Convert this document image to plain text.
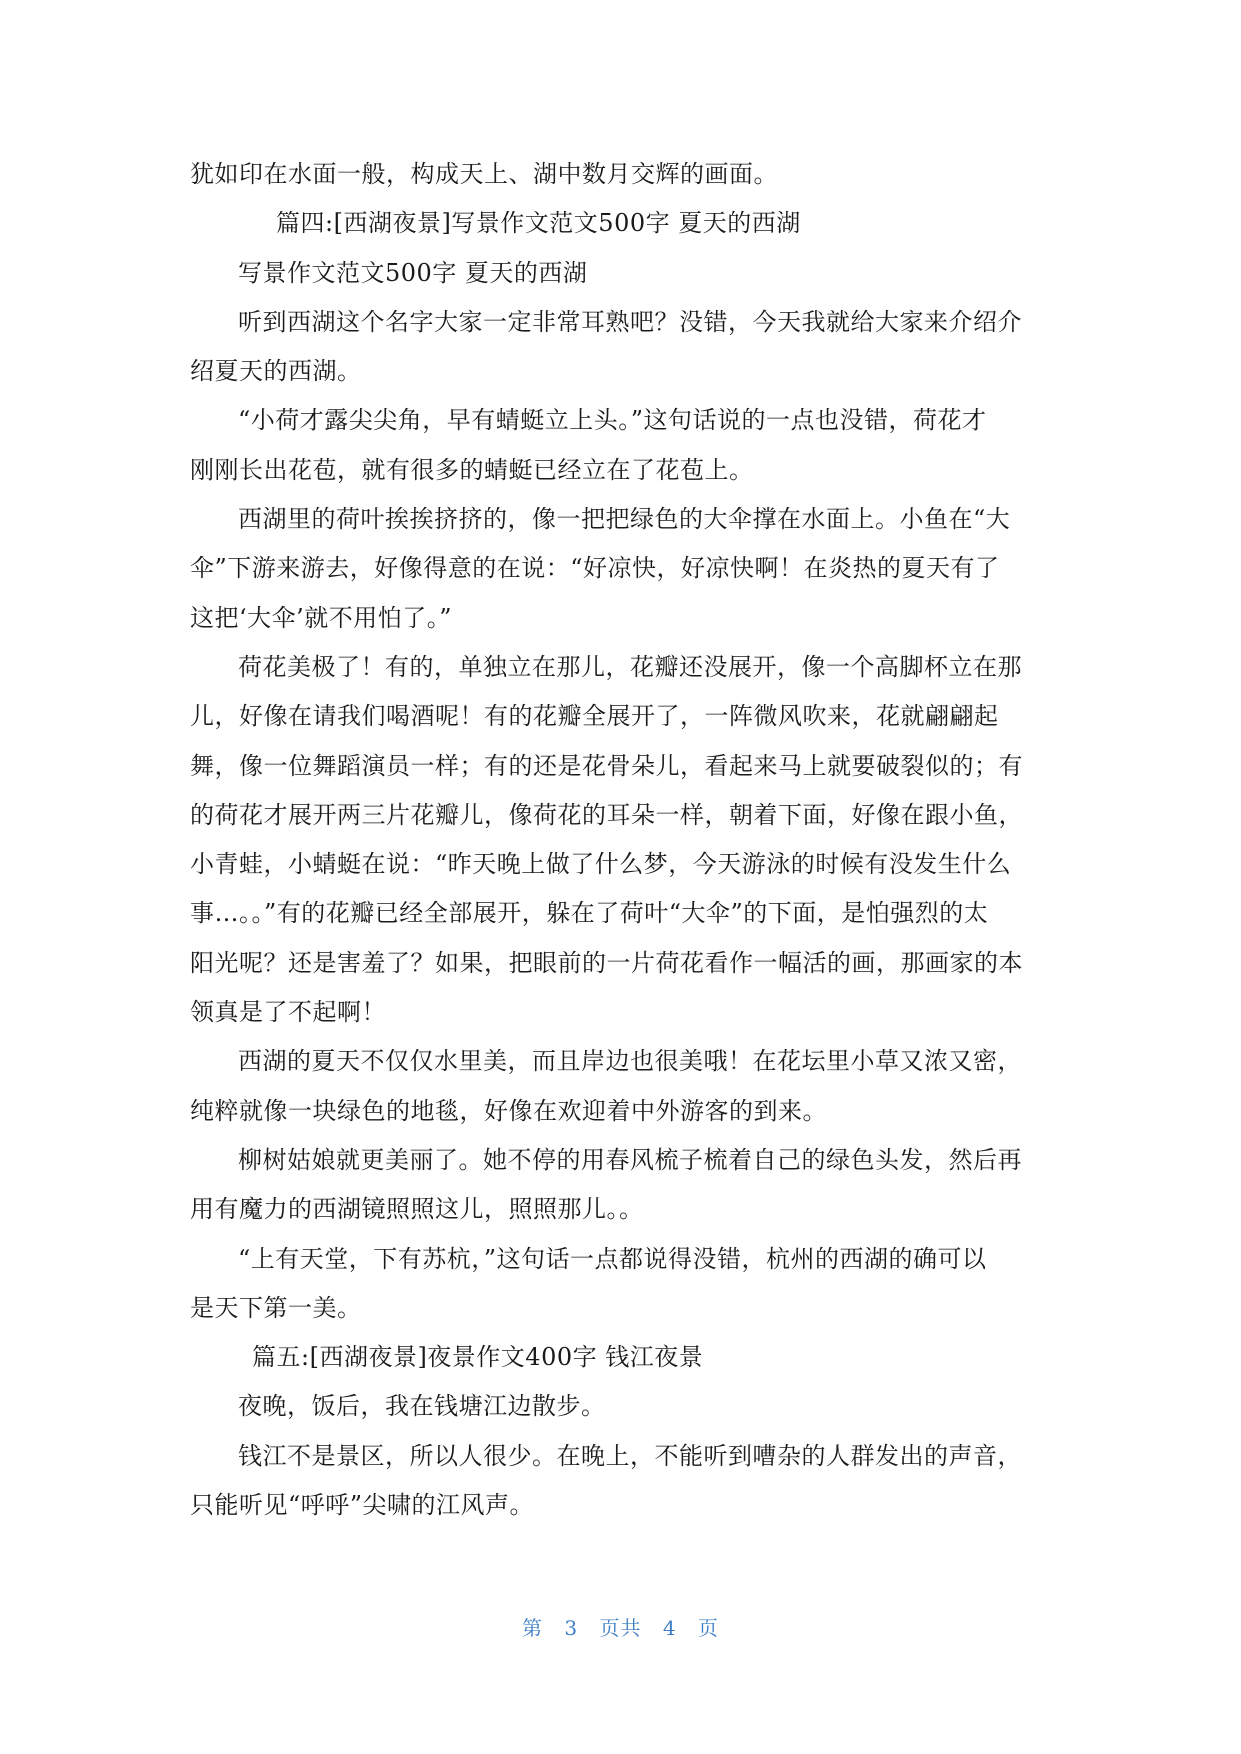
犹如印在水面一般，构成天上、湖中数月交辉的画面。
篇四:[西湖夜景]写景作文范文500字 夏天的西湖
写景作文范文500字 夏天的西湖
听到西湖这个名字大家一定非常耳熟吧？没错，今天我就给大家来介绍介
绍夏天的西湖。
“小荷才露尖尖角，早有蜻蜓立上头。”这句话说的一点也没错，荷花才
刚刚长出花苞，就有很多的蜻蜓已经立在了花苞上。
西湖里的荷叶挨挨挤挤的，像一把把绿色的大伞撑在水面上。小鱼在“大
伞”下游来游去，好像得意的在说：“好凉快，好凉快啊！在炎热的夏天有了
这把‘大伞’就不用怕了。”
荷花美极了！有的，单独立在那儿，花瓣还没展开，像一个高脚杯立在那
儿，好像在请我们喝酒呢！有的花瓣全展开了，一阵微风吹来，花就翩翩起
舞，像一位舞蹈演员一样；有的还是花骨朵儿，看起来马上就要破裂似的；有
的荷花才展开两三片花瓣儿，像荷花的耳朵一样，朝着下面，好像在跟小鱼，
小青蛙，小蜻蜓在说：“昨天晚上做了什么梦，今天游泳的时候有没发生什么
事…。。”有的花瓣已经全部展开，躲在了荷叶“大伞”的下面，是怕强烈的太
阳光呢？还是害羞了？如果，把眼前的一片荷花看作一幅活的画，那画家的本
领真是了不起啊！
西湖的夏天不仅仅水里美，而且岸边也很美哦！在花坛里小草又浓又密，
纯粹就像一块绿色的地毯，好像在欢迎着中外游客的到来。
柳树姑娘就更美丽了。她不停的用春风梳子梳着自己的绿色头发，然后再
用有魔力的西湖镜照照这儿，照照那儿。。
“上有天堂，下有苏杭，”这句话一点都说得没错，杭州的西湖的确可以
是天下第一美。
篇五:[西湖夜景]夜景作文400字 钱江夜景
夜晚，饭后，我在钱塘江边散步。
钱江不是景区，所以人很少。在晚上，不能听到嘈杂的人群发出的声音，
只能听见“呼呼”尖啸的江风声。
第 3 页共 4 页
